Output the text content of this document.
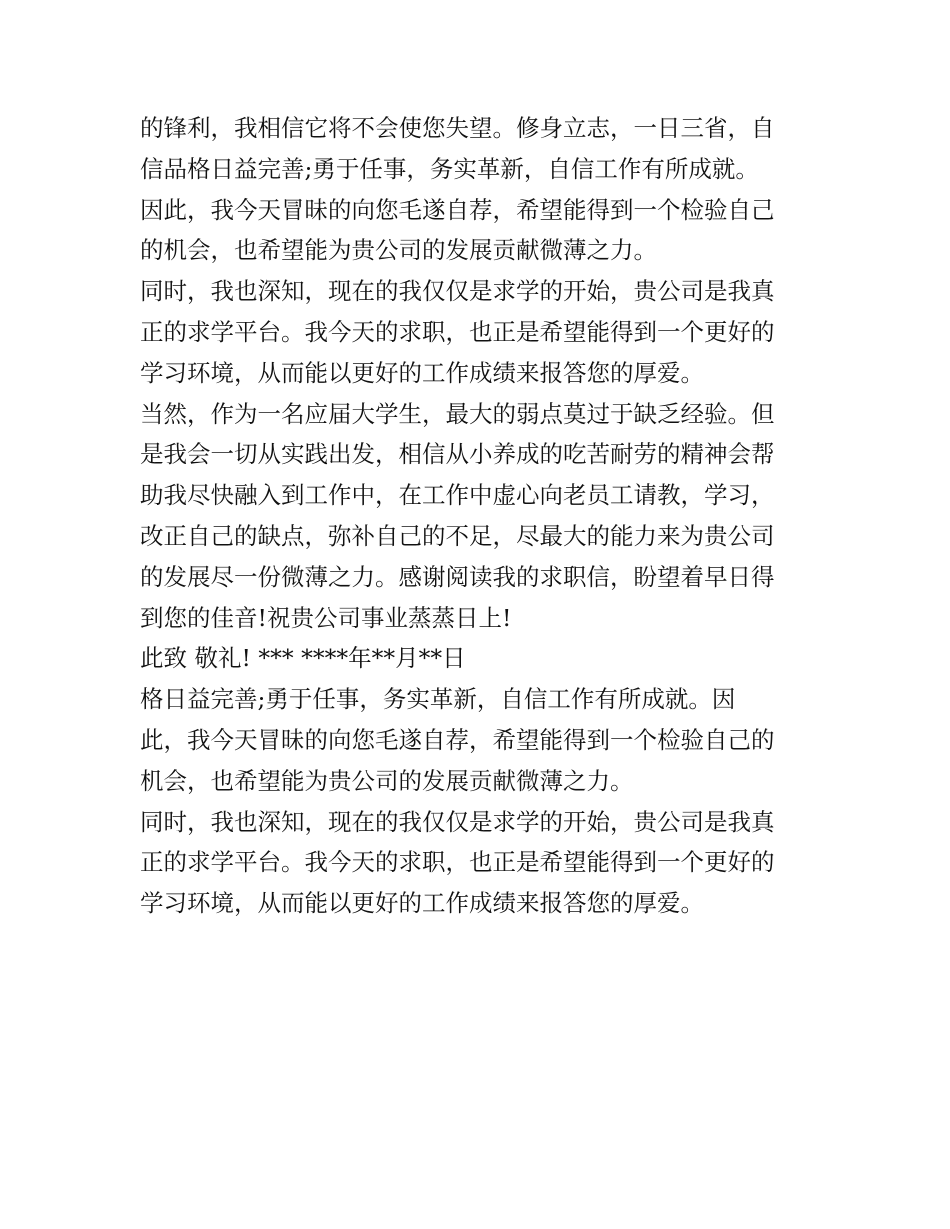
的锋利，我相信它将不会使您失望。修身立志，一日三省，自
信品格日益完善;勇于任事，务实革新，自信工作有所成就。
因此，我今天冒昧的向您毛遂自荐，希望能得到一个检验自己
的机会，也希望能为贵公司的发展贡献微薄之力。
同时，我也深知，现在的我仅仅是求学的开始，贵公司是我真
正的求学平台。我今天的求职，也正是希望能得到一个更好的
学习环境，从而能以更好的工作成绩来报答您的厚爱。
当然，作为一名应届大学生，最大的弱点莫过于缺乏经验。但
是我会一切从实践出发，相信从小养成的吃苦耐劳的精神会帮
助我尽快融入到工作中，在工作中虚心向老员工请教，学习，
改正自己的缺点，弥补自己的不足，尽最大的能力来为贵公司
的发展尽一份微薄之力。感谢阅读我的求职信，盼望着早日得
到您的佳音!祝贵公司事业蒸蒸日上!
此致 敬礼! *** ****年**月**日
格日益完善;勇于任事，务实革新，自信工作有所成就。因
此，我今天冒昧的向您毛遂自荐，希望能得到一个检验自己的
机会，也希望能为贵公司的发展贡献微薄之力。
同时，我也深知，现在的我仅仅是求学的开始，贵公司是我真
正的求学平台。我今天的求职，也正是希望能得到一个更好的
学习环境，从而能以更好的工作成绩来报答您的厚爱。
